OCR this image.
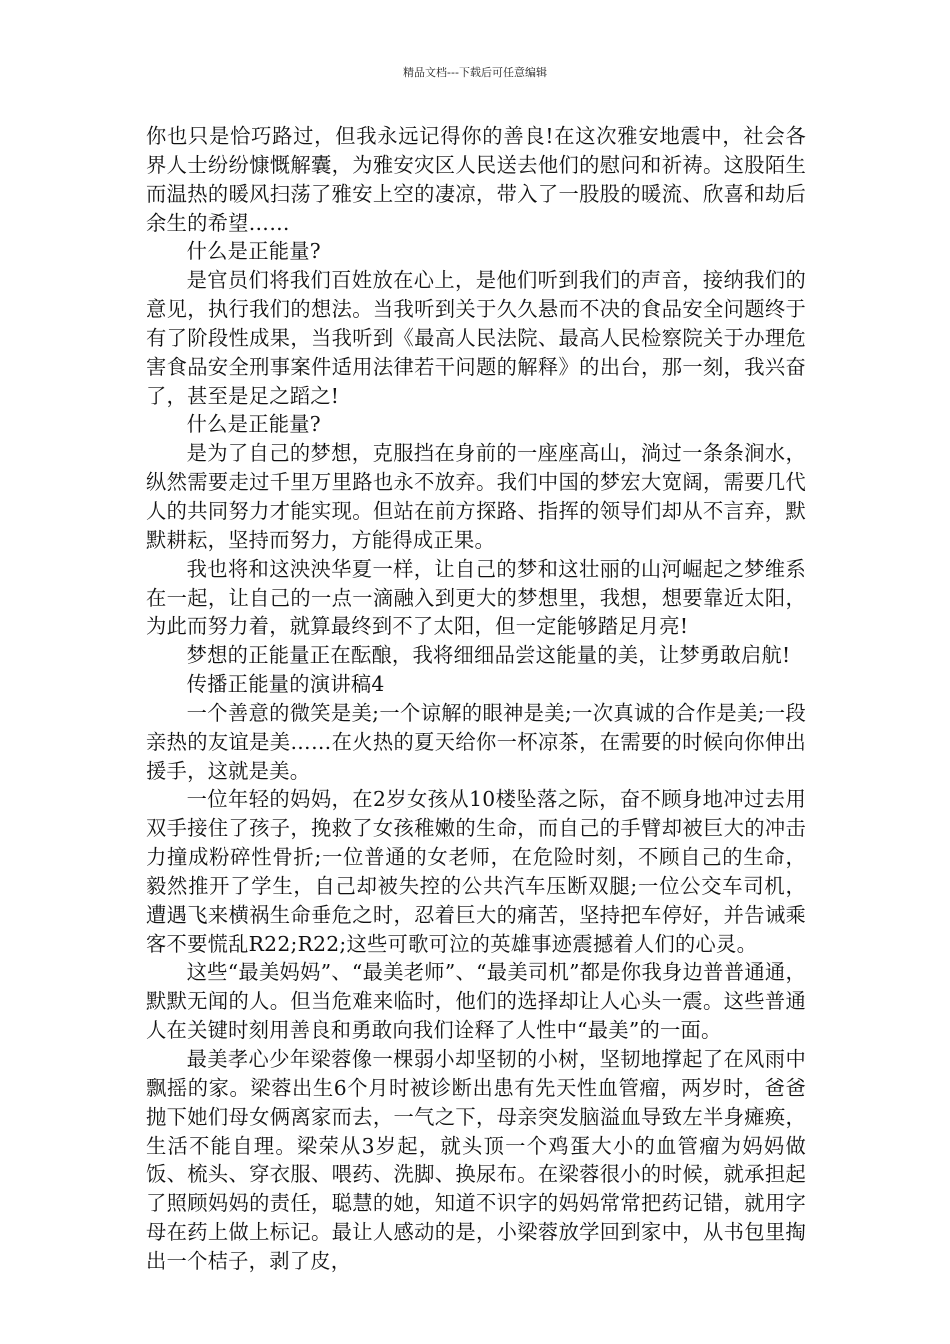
精品文档---下载后可任意编辑

你也只是恰巧路过，但我永远记得你的善良!在这次雅安地震中，社会各界人士纷纷慷慨解囊，为雅安灾区人民送去他们的慰问和祈祷。这股陌生而温热的暖风扫荡了雅安上空的凄凉，带入了一股股的暖流、欣喜和劫后余生的希望……

什么是正能量?

是官员们将我们百姓放在心上，是他们听到我们的声音，接纳我们的意见，执行我们的想法。当我听到关于久久悬而不决的食品安全问题终于有了阶段性成果，当我听到《最高人民法院、最高人民检察院关于办理危害食品安全刑事案件适用法律若干问题的解释》的出台，那一刻，我兴奋了，甚至是足之蹈之!

什么是正能量?

是为了自己的梦想，克服挡在身前的一座座高山，淌过一条条涧水，纵然需要走过千里万里路也永不放弃。我们中国的梦宏大宽阔，需要几代人的共同努力才能实现。但站在前方探路、指挥的领导们却从不言弃，默默耕耘，坚持而努力，方能得成正果。

我也将和这泱泱华夏一样，让自己的梦和这壮丽的山河崛起之梦维系在一起，让自己的一点一滴融入到更大的梦想里，我想，想要靠近太阳，为此而努力着，就算最终到不了太阳，但一定能够踏足月亮!

梦想的正能量正在酝酿，我将细细品尝这能量的美，让梦勇敢启航!

传播正能量的演讲稿4

一个善意的微笑是美;一个谅解的眼神是美;一次真诚的合作是美;一段亲热的友谊是美……在火热的夏天给你一杯凉茶，在需要的时候向你伸出援手，这就是美。

一位年轻的妈妈，在2岁女孩从10楼坠落之际，奋不顾身地冲过去用双手接住了孩子，挽救了女孩稚嫩的生命，而自己的手臂却被巨大的冲击力撞成粉碎性骨折;一位普通的女老师，在危险时刻，不顾自己的生命，毅然推开了学生，自己却被失控的公共汽车压断双腿;一位公交车司机，遭遇飞来横祸生命垂危之时，忍着巨大的痛苦，坚持把车停好，并告诫乘客不要慌乱R22;R22;这些可歌可泣的英雄事迹震撼着人们的心灵。

这些“最美妈妈”、“最美老师”、“最美司机”都是你我身边普普通通，默默无闻的人。但当危难来临时，他们的选择却让人心头一震。这些普通人在关键时刻用善良和勇敢向我们诠释了人性中“最美”的一面。

最美孝心少年梁蓉像一棵弱小却坚韧的小树，坚韧地撑起了在风雨中飘摇的家。梁蓉出生6个月时被诊断出患有先天性血管瘤，两岁时，爸爸抛下她们母女俩离家而去，一气之下，母亲突发脑溢血导致左半身瘫痪，生活不能自理。梁荣从3岁起，就头顶一个鸡蛋大小的血管瘤为妈妈做饭、梳头、穿衣服、喂药、洗脚、换尿布。在梁蓉很小的时候，就承担起了照顾妈妈的责任，聪慧的她，知道不识字的妈妈常常把药记错，就用字母在药上做上标记。最让人感动的是，小梁蓉放学回到家中，从书包里掏出一个桔子，剥了皮，
